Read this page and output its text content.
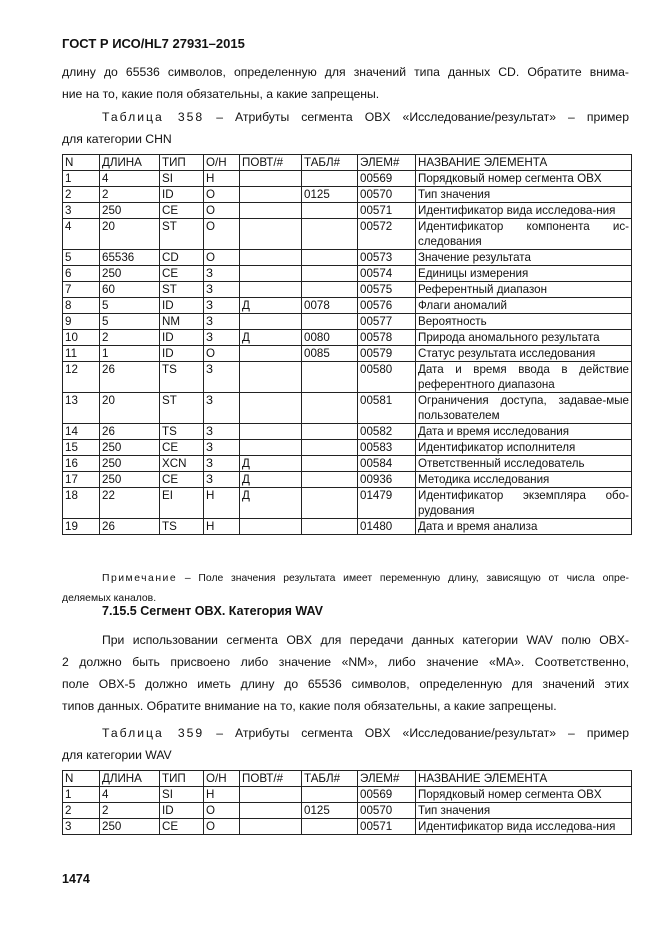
ГОСТ Р ИСО/HL7 27931–2015
длину до 65536 символов, определенную для значений типа данных CD. Обратите внима-
ние на то, какие поля обязательны, а какие запрещены.
Таблица 358 – Атрибуты сегмента OBX «Исследование/результат» – пример
для категории CHN
N	ДЛИНА	ТИП	О/Н	ПОВТ/#	ТАБЛ#	ЭЛЕМ#	НАЗВАНИЕ ЭЛЕМЕНТА
1	4	SI	Н			00569	Порядковый номер сегмента OBX
2	2	ID	О		0125	00570	Тип значения
3	250	CE	О			00571	Идентификатор вида исследова-ния
4	20	ST	О			00572	Идентификатор компонента ис-следования
5	65536	CD	О			00573	Значение результата
6	250	CE	З			00574	Единицы измерения
7	60	ST	З			00575	Референтный диапазон
8	5	ID	З	Д	0078	00576	Флаги аномалий
9	5	NM	З			00577	Вероятность
10	2	ID	З	Д	0080	00578	Природа аномального результата
11	1	ID	О		0085	00579	Статус результата исследования
12	26	TS	З			00580	Дата и время ввода в действие референтного диапазона
13	20	ST	З			00581	Ограничения доступа, задавае-мые пользователем
14	26	TS	З			00582	Дата и время исследования
15	250	CE	З			00583	Идентификатор исполнителя
16	250	XCN	З	Д		00584	Ответственный исследователь
17	250	CE	З	Д		00936	Методика исследования
18	22	EI	Н	Д		01479	Идентификатор экземпляра обо-рудования
19	26	TS	Н			01480	Дата и время анализа
Примечание – Поле значения результата имеет переменную длину, зависящую от числа опре-
деляемых каналов.
7.15.5 Сегмент OBX. Категория WAV
При использовании сегмента OBX для передачи данных категории WAV полю OBX-
2 должно быть присвоено либо значение «NM», либо значение «MA». Соответственно,
поле OBX-5 должно иметь длину до 65536 символов, определенную для значений этих
типов данных. Обратите внимание на то, какие поля обязательны, а какие запрещены.
Таблица 359 – Атрибуты сегмента OBX «Исследование/результат» – пример
для категории WAV
N	ДЛИНА	ТИП	О/Н	ПОВТ/#	ТАБЛ#	ЭЛЕМ#	НАЗВАНИЕ ЭЛЕМЕНТА
1	4	SI	Н			00569	Порядковый номер сегмента OBX
2	2	ID	О		0125	00570	Тип значения
3	250	CE	О			00571	Идентификатор вида исследова-ния
1474
